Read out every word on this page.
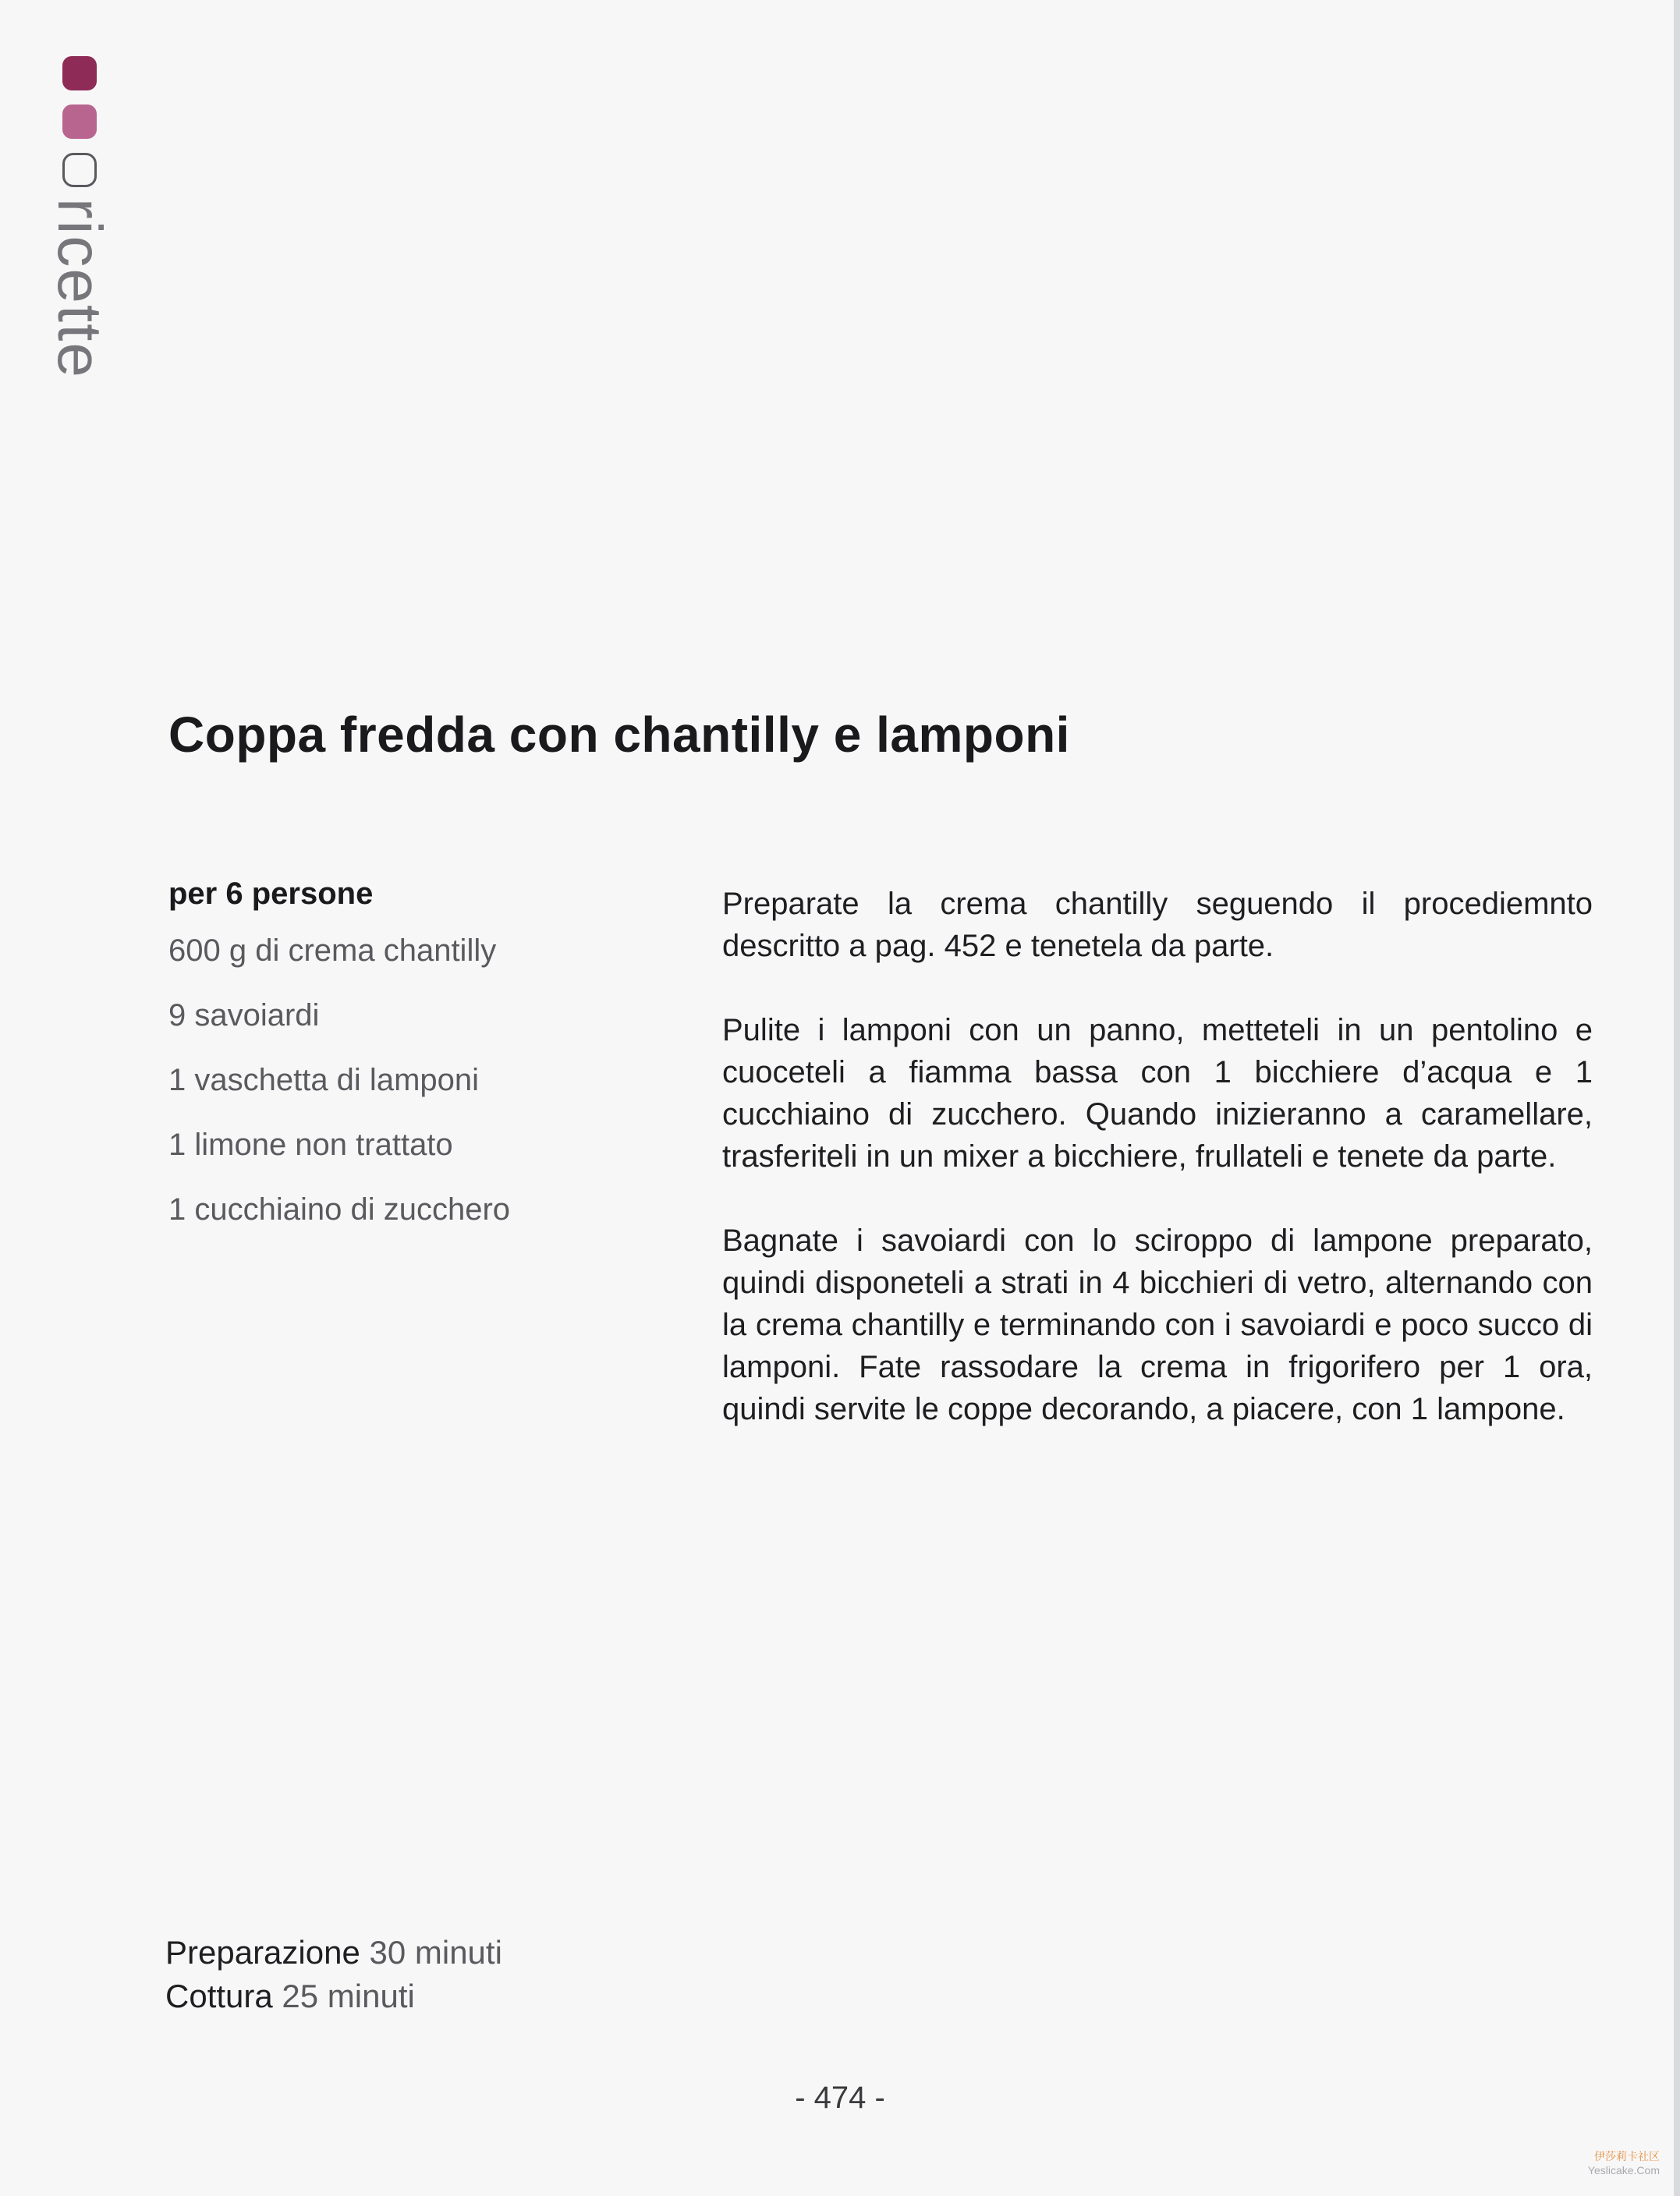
ricette
Coppa fredda con chantilly e lamponi
per 6 persone
600 g di crema chantilly
9 savoiardi
1 vaschetta di lamponi
1 limone non trattato
1 cucchiaino di zucchero

Preparate la crema chantilly seguendo il procediemnto descritto a pag. 452 e tenetela da parte.

Pulite i lamponi con un panno, metteteli in un pentolino e cuoceteli a fiamma bassa con 1 bicchiere d’acqua e 1 cucchiaino di zucchero. Quando inizieranno a caramellare, trasferiteli in un mixer a bicchiere, frullateli e tenete da parte.

Bagnate i savoiardi con lo sciroppo di lampone preparato, quindi disponeteli a strati in 4 bicchieri di vetro, alternando con la crema chantilly e terminando con i savoiardi e poco succo di lamponi. Fate rassodare la crema in frigorifero per 1 ora, quindi servite le coppe decorando, a piacere, con 1 lampone.

Preparazione 30 minuti
Cottura 25 minuti
- 474 -
伊莎莉卡社区
Yeslicake.Com
